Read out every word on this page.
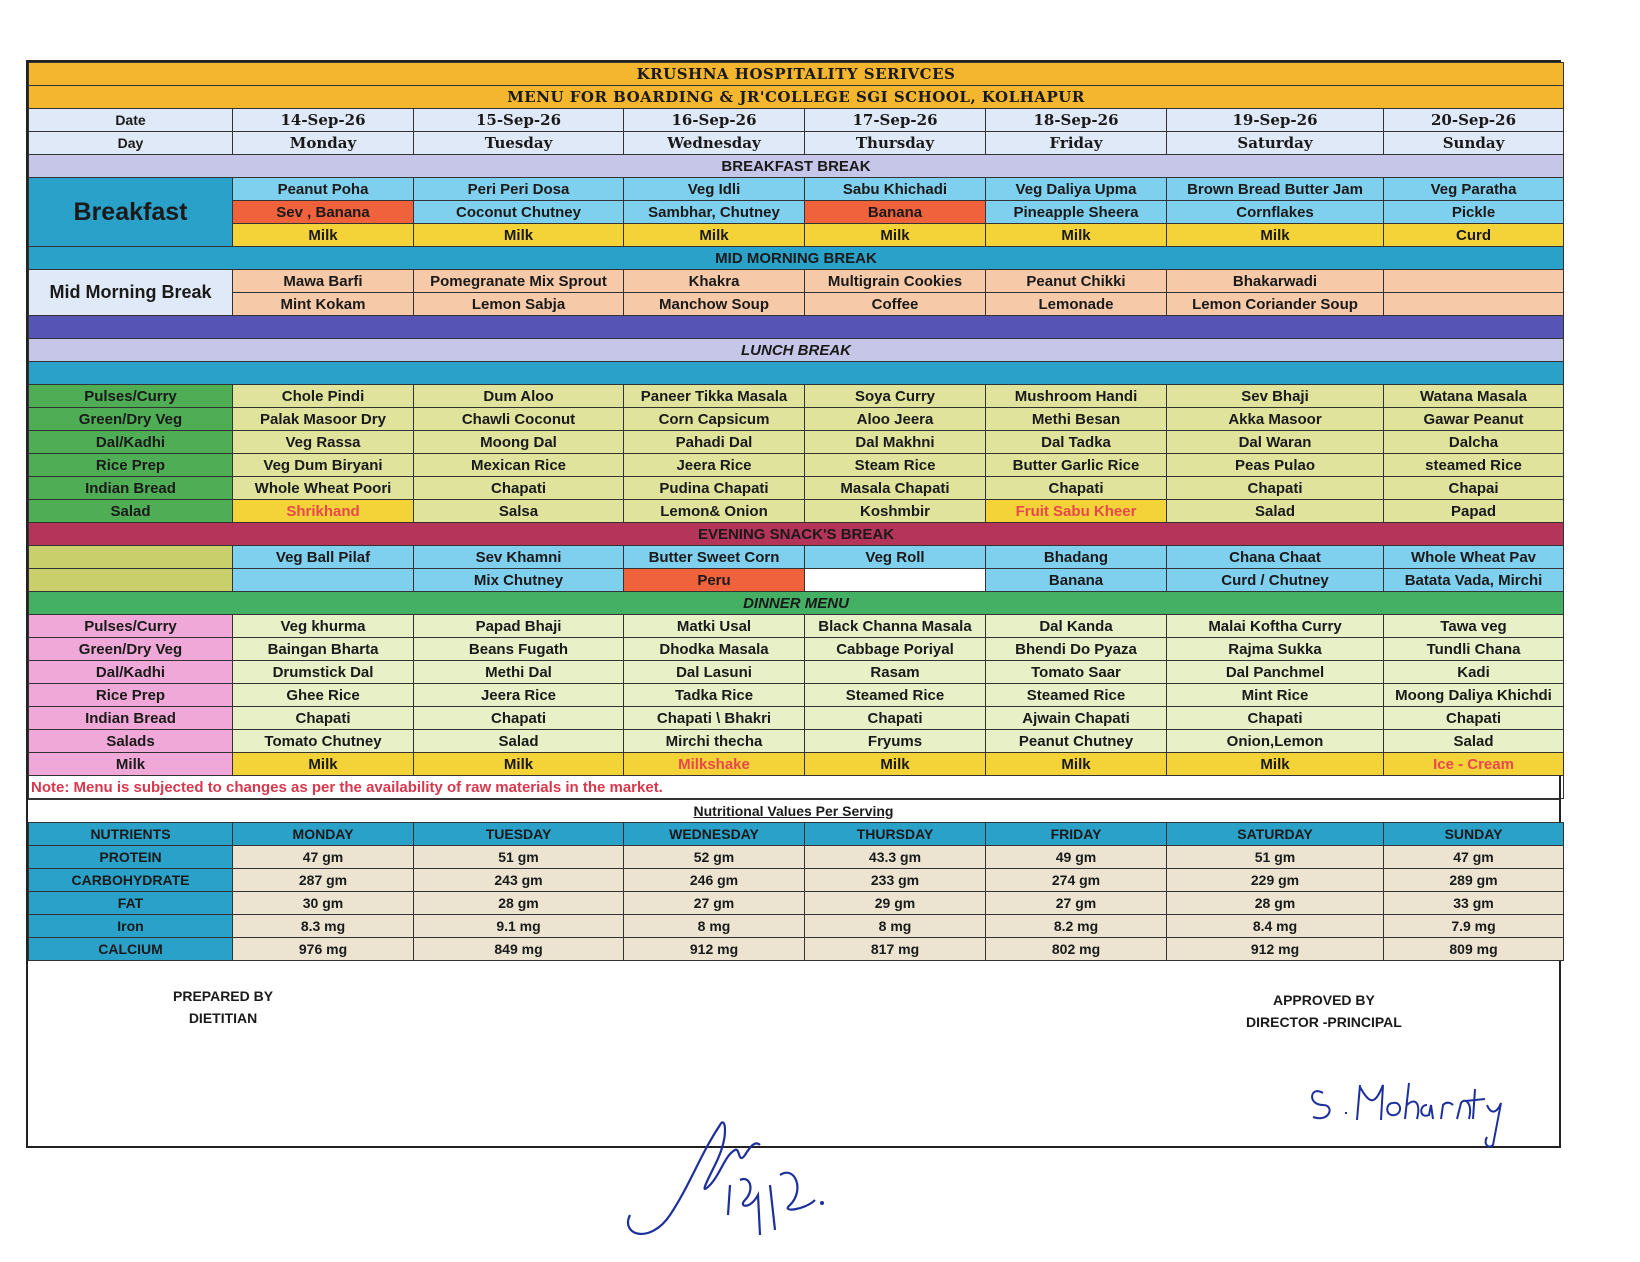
KRUSHNA HOSPITALITY SERIVCES							
MENU FOR BOARDING & JR'COLLEGE SGI SCHOOL, KOLHAPUR							
Date	14-Sep-26	15-Sep-26	16-Sep-26	17-Sep-26	18-Sep-26	19-Sep-26	20-Sep-26
Day	Monday	Tuesday	Wednesday	Thursday	Friday	Saturday	Sunday
BREAKFAST BREAK							
Breakfast	Peanut Poha	Peri Peri Dosa	Veg Idli	Sabu Khichadi	Veg Daliya Upma	Brown Bread Butter Jam	Veg Paratha
	Sev , Banana	Coconut Chutney	Sambhar, Chutney	Banana	Pineapple Sheera	Cornflakes	Pickle
	Milk	Milk	Milk	Milk	Milk	Milk	Curd
MID MORNING BREAK							
Mid Morning Break	Mawa Barfi	Pomegranate Mix Sprout	Khakra	Multigrain Cookies	Peanut Chikki	Bhakarwadi	
	Mint Kokam	Lemon Sabja	Manchow Soup	Coffee	Lemonade	Lemon Coriander Soup	

LUNCH BREAK							

Pulses/Curry	Chole Pindi	Dum Aloo	Paneer Tikka Masala	Soya Curry	Mushroom Handi	Sev Bhaji	Watana Masala
Green/Dry Veg	Palak Masoor Dry	Chawli Coconut	Corn Capsicum	Aloo Jeera	Methi Besan	Akka Masoor	Gawar Peanut
Dal/Kadhi	Veg Rassa	Moong Dal	Pahadi Dal	Dal Makhni	Dal Tadka	Dal Waran	Dalcha
Rice Prep	Veg Dum Biryani	Mexican Rice	Jeera Rice	Steam Rice	Butter Garlic Rice	Peas Pulao	steamed Rice
Indian Bread	Whole Wheat Poori	Chapati	Pudina Chapati	Masala Chapati	Chapati	Chapati	Chapai
Salad	Shrikhand	Salsa	Lemon& Onion	Koshmbir	Fruit Sabu Kheer	Salad	Papad
EVENING SNACK'S BREAK							
	Veg Ball Pilaf	Sev Khamni	Butter Sweet Corn	Veg Roll	Bhadang	Chana Chaat	Whole Wheat Pav
		Mix Chutney	Peru		Banana	Curd / Chutney	Batata Vada, Mirchi
DINNER MENU							
Pulses/Curry	Veg khurma	Papad Bhaji	Matki Usal	Black Channa Masala	Dal Kanda	Malai Koftha Curry	Tawa veg
Green/Dry Veg	Baingan Bharta	Beans Fugath	Dhodka Masala	Cabbage Poriyal	Bhendi Do Pyaza	Rajma Sukka	Tundli Chana
Dal/Kadhi	Drumstick Dal	Methi Dal	Dal Lasuni	Rasam	Tomato Saar	Dal Panchmel	Kadi
Rice Prep	Ghee Rice	Jeera Rice	Tadka Rice	Steamed Rice	Steamed Rice	Mint Rice	Moong Daliya Khichdi
Indian Bread	Chapati	Chapati	Chapati \ Bhakri	Chapati	Ajwain Chapati	Chapati	Chapati
Salads	Tomato Chutney	Salad	Mirchi thecha	Fryums	Peanut Chutney	Onion,Lemon	Salad
Milk	Milk	Milk	Milkshake	Milk	Milk	Milk	Ice - Cream
Note: Menu is subjected to changes as per the availability of raw materials in the market.							
Nutritional Values Per Serving
NUTRIENTS	MONDAY	TUESDAY	WEDNESDAY	THURSDAY	FRIDAY	SATURDAY	SUNDAY
PROTEIN	47 gm	51 gm	52 gm	43.3 gm	49 gm	51 gm	47 gm
CARBOHYDRATE	287 gm	243 gm	246 gm	233 gm	274 gm	229 gm	289 gm
FAT	30 gm	28 gm	27 gm	29 gm	27 gm	28 gm	33 gm
Iron	8.3 mg	9.1 mg	8 mg	8 mg	8.2 mg	8.4 mg	7.9 mg
CALCIUM	976 mg	849 mg	912 mg	817 mg	802 mg	912 mg	809 mg
PREPARED BY
DIETITIAN
APPROVED BY
DIRECTOR -PRINCIPAL
